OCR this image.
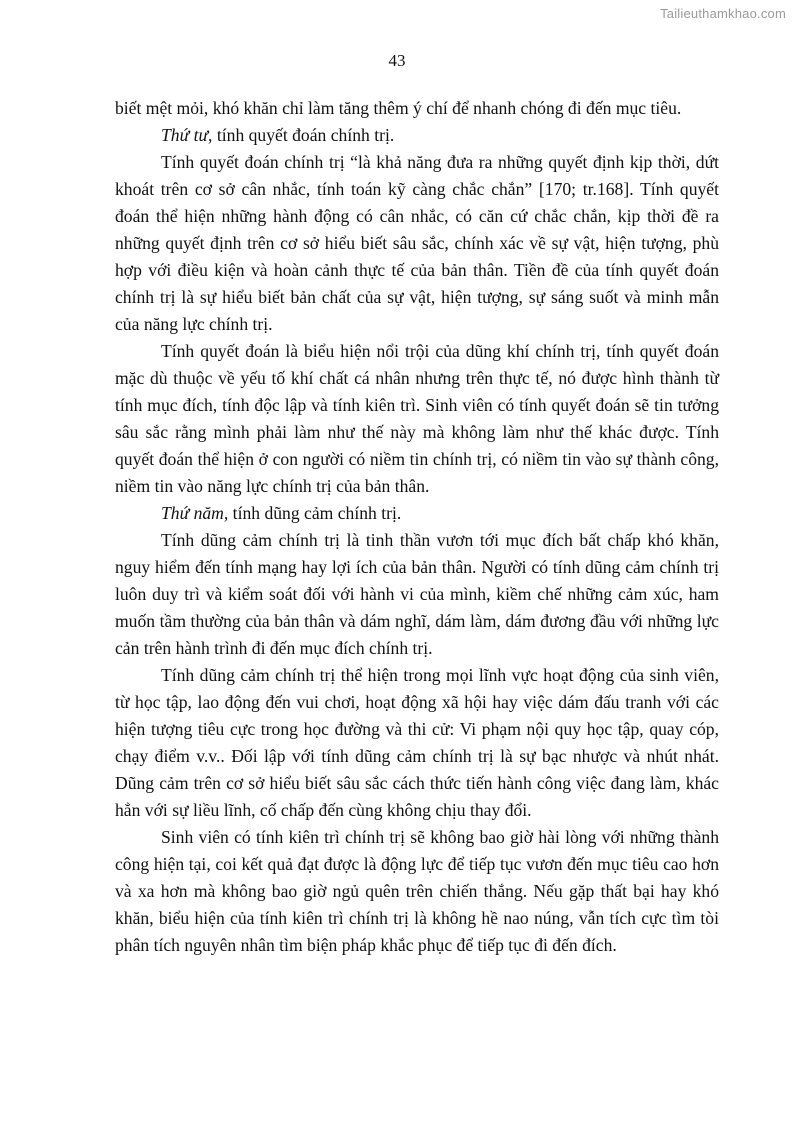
Tailieuthamkhao.com
43

biết mệt mỏi, khó khăn chỉ làm tăng thêm ý chí để nhanh chóng đi đến mục tiêu.

Thứ tư, tính quyết đoán chính trị.

Tính quyết đoán chính trị “là khả năng đưa ra những quyết định kịp thời, dứt khoát trên cơ sở cân nhắc, tính toán kỹ càng chắc chắn” [170; tr.168]. Tính quyết đoán thể hiện những hành động có cân nhắc, có căn cứ chắc chắn, kịp thời đề ra những quyết định trên cơ sở hiểu biết sâu sắc, chính xác về sự vật, hiện tượng, phù hợp với điều kiện và hoàn cảnh thực tế của bản thân. Tiền đề của tính quyết đoán chính trị là sự hiểu biết bản chất của sự vật, hiện tượng, sự sáng suốt và minh mẫn của năng lực chính trị.

Tính quyết đoán là biểu hiện nổi trội của dũng khí chính trị, tính quyết đoán mặc dù thuộc về yếu tố khí chất cá nhân nhưng trên thực tế, nó được hình thành từ tính mục đích, tính độc lập và tính kiên trì. Sinh viên có tính quyết đoán sẽ tin tưởng sâu sắc rằng mình phải làm như thế này mà không làm như thế khác được. Tính quyết đoán thể hiện ở con người có niềm tin chính trị, có niềm tin vào sự thành công, niềm tin vào năng lực chính trị của bản thân.

Thứ năm, tính dũng cảm chính trị.

Tính dũng cảm chính trị là tinh thần vươn tới mục đích bất chấp khó khăn, nguy hiểm đến tính mạng hay lợi ích của bản thân. Người có tính dũng cảm chính trị luôn duy trì và kiểm soát đối với hành vi của mình, kiềm chế những cảm xúc, ham muốn tầm thường của bản thân và dám nghĩ, dám làm, dám đương đầu với những lực cản trên hành trình đi đến mục đích chính trị.

Tính dũng cảm chính trị thể hiện trong mọi lĩnh vực hoạt động của sinh viên, từ học tập, lao động đến vui chơi, hoạt động xã hội hay việc dám đấu tranh với các hiện tượng tiêu cực trong học đường và thi cử: Vi phạm nội quy học tập, quay cóp, chạy điểm v.v.. Đối lập với tính dũng cảm chính trị là sự bạc nhược và nhút nhát. Dũng cảm trên cơ sở hiểu biết sâu sắc cách thức tiến hành công việc đang làm, khác hẳn với sự liều lĩnh, cố chấp đến cùng không chịu thay đổi.

Sinh viên có tính kiên trì chính trị sẽ không bao giờ hài lòng với những thành công hiện tại, coi kết quả đạt được là động lực để tiếp tục vươn đến mục tiêu cao hơn và xa hơn mà không bao giờ ngủ quên trên chiến thắng. Nếu gặp thất bại hay khó khăn, biểu hiện của tính kiên trì chính trị là không hề nao núng, vẫn tích cực tìm tòi phân tích nguyên nhân tìm biện pháp khắc phục để tiếp tục đi đến đích.
